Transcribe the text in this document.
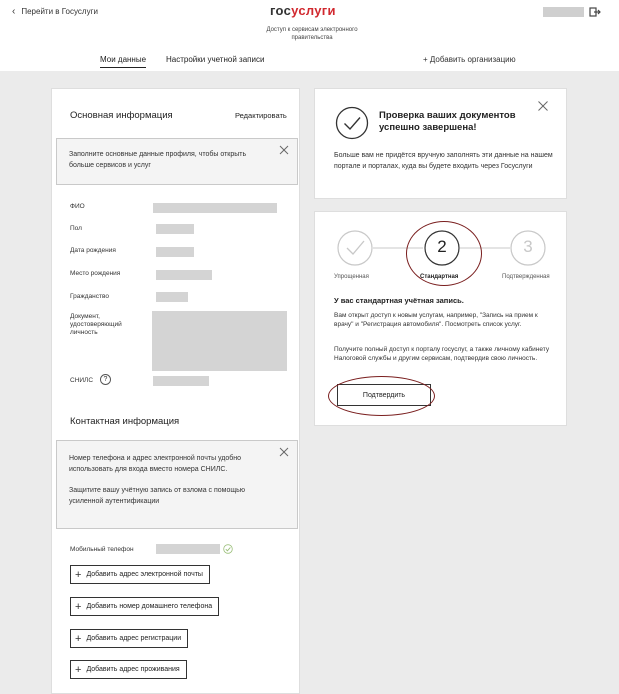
‹ Перейти в Госуслуги	госуслуги
Доступ к сервисам электронного правительства
Мои данные Настройки учетной записи	+ Добавить организацию
Основная информация	Редактировать
Заполните основные данные профиля, чтобы открыть больше сервисов и услуг
ФИО
Пол
Дата рождения
Место рождения
Гражданство
Документ, удостоверяющий личность
СНИЛС	?
Контактная информация
Номер телефона и адрес электронной почты удобно использовать для входа вместо номера СНИЛС.
Защитите вашу учётную запись от взлома с помощью усиленной аутентификации
Мобильный телефон
+ Добавить адрес электронной почты
+ Добавить номер домашнего телефона
+ Добавить адрес регистрации
+ Добавить адрес проживания
Проверка ваших документов
успешно завершена!
Больше вам не придётся вручную заполнять эти данные на нашем портале и порталах, куда вы будете входить через Госуслуги
2	3
Упрощенная	Стандартная	Подтвержденная
У вас стандартная учётная запись.
Вам открыт доступ к новым услугам, например, "Запись на прием к врачу" и "Регистрация автомобиля". Посмотреть список услуг.
Получите полный доступ к порталу госуслуг, а также личному кабинету Налоговой службы и другим сервисам, подтвердив свою личность.
Подтвердить
